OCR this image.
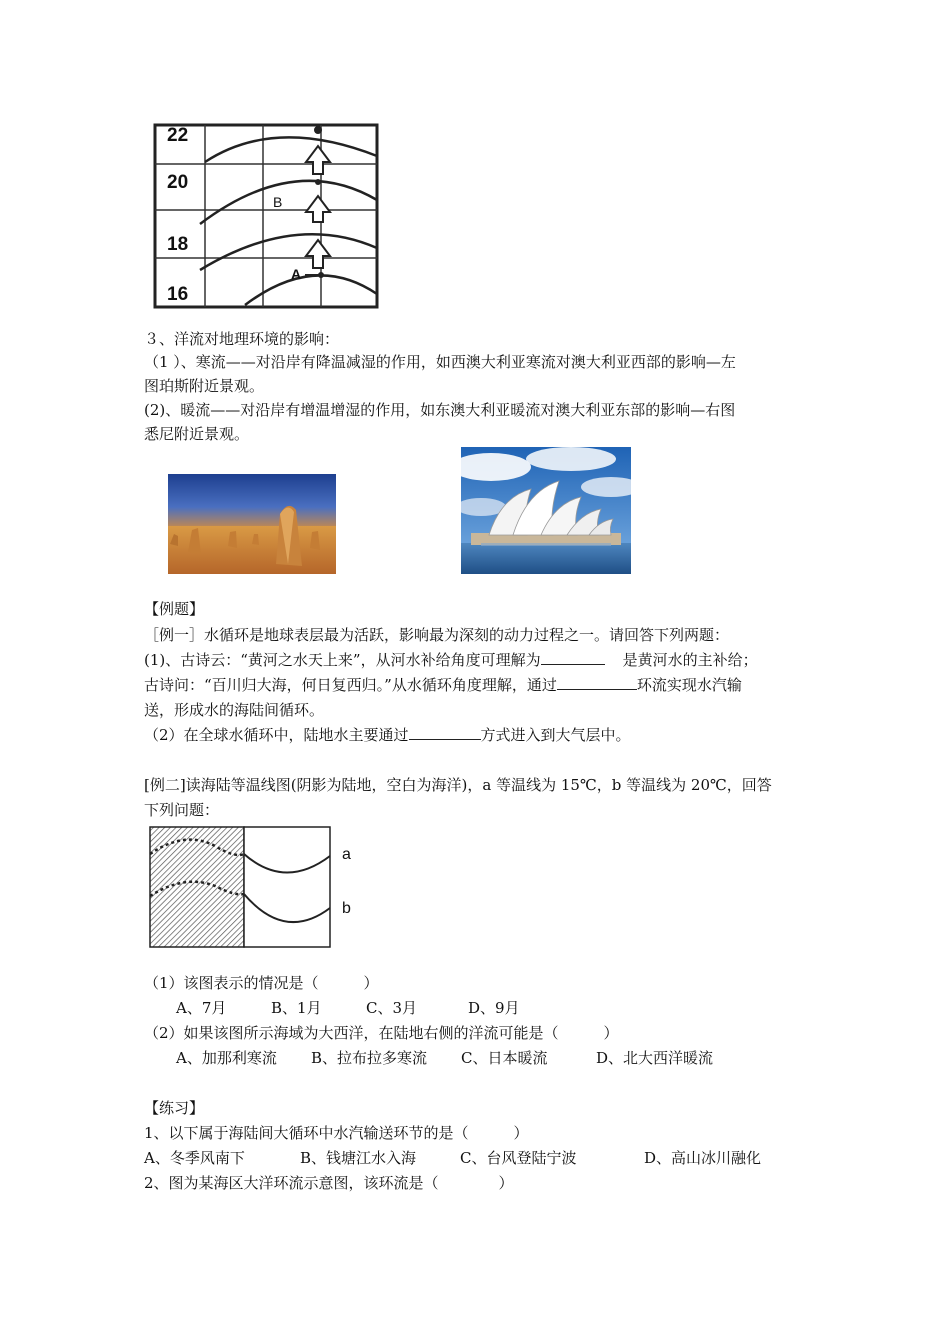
22
20
18
16
B
A
３、洋流对地理环境的影响：
（1 ）、寒流——对沿岸有降温减湿的作用，如西澳大利亚寒流对澳大利亚西部的影响—左
图珀斯附近景观。
(2)、暖流——对沿岸有增温增湿的作用，如东澳大利亚暖流对澳大利亚东部的影响—右图
悉尼附近景观。
【例题】
［例一］水循环是地球表层最为活跃，影响最为深刻的动力过程之一。请回答下列两题：
(1)、古诗云：“黄河之水天上来”，从河水补给角度可理解为	是黄河水的主补给；
古诗问：“百川归大海，何日复西归。”从水循环角度理解，通过	环流实现水汽输
送，形成水的海陆间循环。
（2）在全球水循环中，陆地水主要通过	方式进入到大气层中。
[例二]读海陆等温线图(阴影为陆地，空白为海洋)，a 等温线为 15℃，b 等温线为 20℃，回答
下列问题：
a
b
（1）该图表示的情况是（　　　）
A、7月	B、1月	C、3月	D、9月
（2）如果该图所示海域为大西洋，在陆地右侧的洋流可能是（　　　）
A、加那利寒流 B、拉布拉多寒流 C、日本暖流	D、北大西洋暖流
【练习】
1、以下属于海陆间大循环中水汽输送环节的是（　　　）
A、冬季风南下	B、钱塘江水入海	C、台风登陆宁波	D、高山冰川融化
2、图为某海区大洋环流示意图，该环流是（　　　　）
